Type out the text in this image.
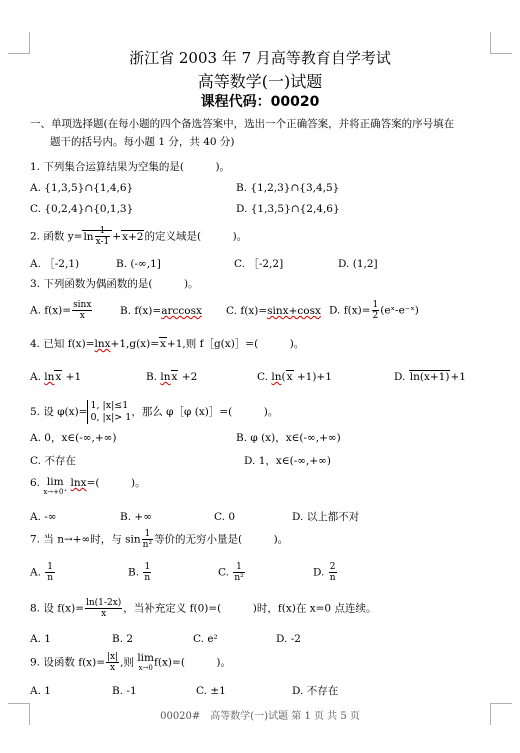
浙江省 2003 年 7 月高等教育自学考试
高等数学(一)试题
课程代码：00020
一、单项选择题(在每小题的四个备选答案中，选出一个正确答案，并将正确答案的序号填在
题干的括号内。每小题 1 分，共 40 分)
1. 下列集合运算结果为空集的是(　　　)。
A. {1,3,5}∩{1,4,6}	B. {1,2,3}∩{3,4,5}
C. {0,2,4}∩{0,1,3}	D. {1,3,5}∩{2,4,6}
2. 函数 $y=\ln \frac{1}{x-1} +x+2$的定义域是(　　　)。
A. ［-2,1)	B. (-∞,1]	C. ［-2,2]	D. (1,2]
3. 下列函数为偶函数的是(　　　)。
A. $f(x)= \frac{\sin x}{x}$	B. f(x)=arccosx C. f(x)=sinx+cosx D. $f(x)= \frac{1}{2}$ (eˣ-e⁻ˣ)
4. 已知 f(x)=lnx+1,g(x)=x+1,则 f［g(x)］=(　　　)。
A. lnx +1	B. lnx +2	C. ln(x +1)+1	D. ln(x+1)+1
5. 设 φ(x)=
1, |x|≤1
0, |x|> 1 ，那么 φ［φ (x)］=(　　　)。
A. 0，x∈(-∞,+∞)	B. φ (x)，x∈(-∞,+∞)
C. 不存在	D. 1，x∈(-∞,+∞)
6. lim
x→+0⁺
lnx=(　　　)。
A. -∞	B. +∞	C. 0	D. 以上都不对
7. 当 n→+∞时，与 $\sin \frac{1}{\text{n²}}$ 等价的无穷小量是(　　　)。
A. $\frac{1}{n}$	B. $\frac{1}{n}$	C. $\frac{1}{\text{n²}}$	D. $\frac{2}{n}$
8. 设 $f(x)= \frac{\ln(1-2x)}{x}$ ，当补充定义 f(0)=(　　　)时，f(x)在 x=0 点连续。
A. 1	B. 2	C. e²	D. -2
9. 设函数 $f(x)= \frac{|x|}{x}$ ,则 lim
x→0 f(x)=(　　　)。
A. 1	B. -1	C. ±1	D. 不存在
00020#　高等数学(一)试题 第 1 页 共 5 页
